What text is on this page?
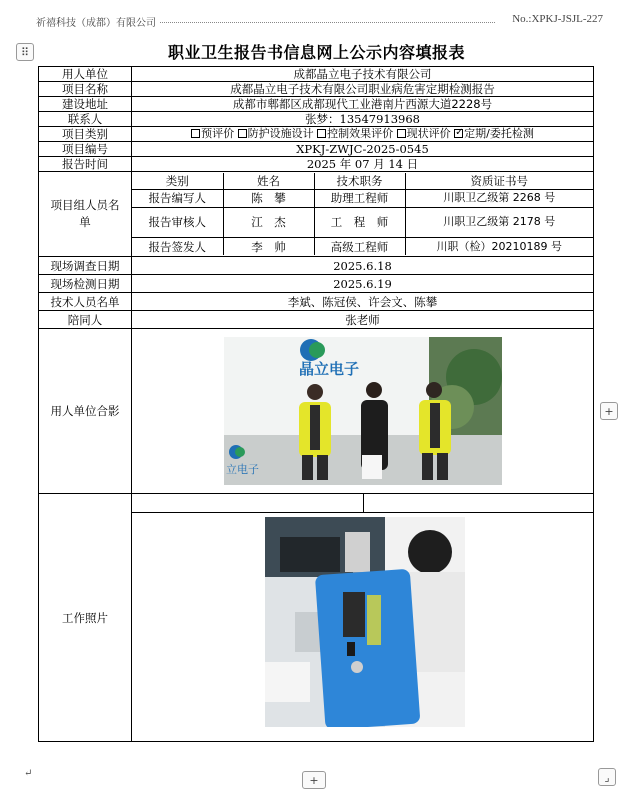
祈禧科技（成都）有限公司	No.:XPKJ-JSJL-227
⠿	职业卫生报告书信息网上公示内容填报表
用人单位	成都晶立电子技术有限公司
项目名称	成都晶立电子技术有限公司职业病危害定期检测报告
建设地址	成都市郫都区成都现代工业港南片西源大道2228号
联系人	张梦：13547913968
项目类别	预评价 防护设施设计 控制效果评价 现状评价 ✓ 定期/委托检测
项目编号	XPKJ-ZWJC-2025-0545
报告时间	2025 年 07 月 14 日
项目组人员名单	
类别	姓名	技术职务	资质证书号
报告编写人	陈　攀	助理工程师	川职卫乙级第 2268 号
报告审核人	江　杰	工　程　师	川职卫乙级第 2178 号
报告签发人	李　帅	高级工程师	川职（检）20210189 号

现场调查日期	2025.6.18
现场检测日期	2025.6.19
技术人员名单	李斌、陈冠侯、许会文、陈攀
陪同人	张老师
用人单位合影	
晶立电子
立电子

工作照片	
+
+	⌟
↵
